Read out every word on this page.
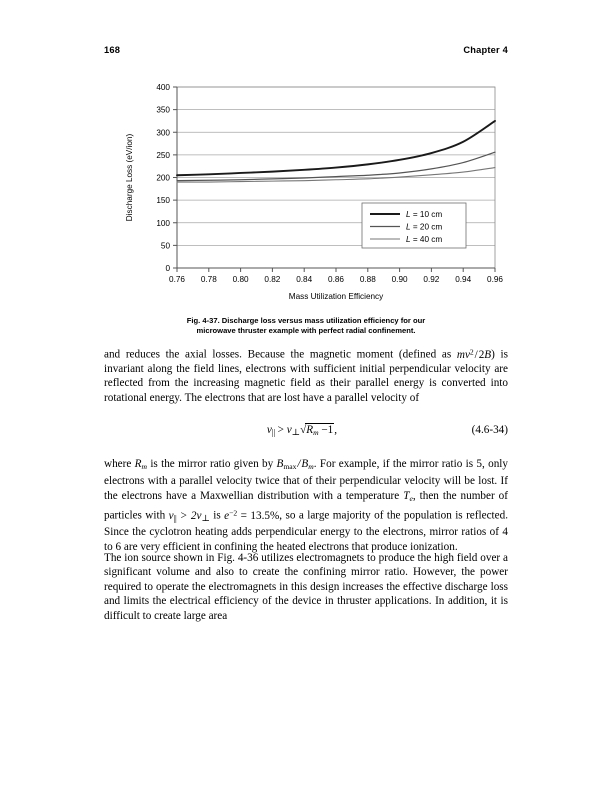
168	Chapter 4
0
50
100
150
200
250
300
350
400
0.76 0.78 0.80 0.82 0.84 0.86 0.88 0.90 0.92 0.94 0.96
Mass Utilization Efficiency
Discharge Loss (eV/ion)	L = 10 cm
L = 20 cm
L = 40 cm
Fig. 4-37. Discharge loss versus mass utilization efficiency for our
microwave thruster example with perfect radial confinement.

and reduces the axial losses. Because the magnetic moment (defined as $mv^2$ / 2B) is invariant along the field lines, electrons with sufficient initial perpendicular velocity are reflected from the increasing magnetic field as their parallel energy is converted into rotational energy. The electrons that are lost have a parallel velocity of

$v|| > v\perp√R_m -1$,	(4.6-34)

where $R_m$ is the mirror ratio given by $B_{max}$ / $B_m$. For example, if the mirror ratio is 5, only electrons with a parallel velocity twice that of their perpendicular velocity will be lost. If the electrons have a Maxwellian distribution with a temperature $T_e$, then the number of particles with v|| > 2v⊥ is $e^{-2} = 13.5\%$, so a large majority of the population is reflected. Since the cyclotron heating adds perpendicular energy to the electrons, mirror ratios of 4 to 6 are very efficient in confining the heated electrons that produce ionization.

The ion source shown in Fig. 4-36 utilizes electromagnets to produce the high field over a significant volume and also to create the confining mirror ratio. However, the power required to operate the electromagnets in this design increases the effective discharge loss and limits the electrical efficiency of the device in thruster applications. In addition, it is difficult to create large area
